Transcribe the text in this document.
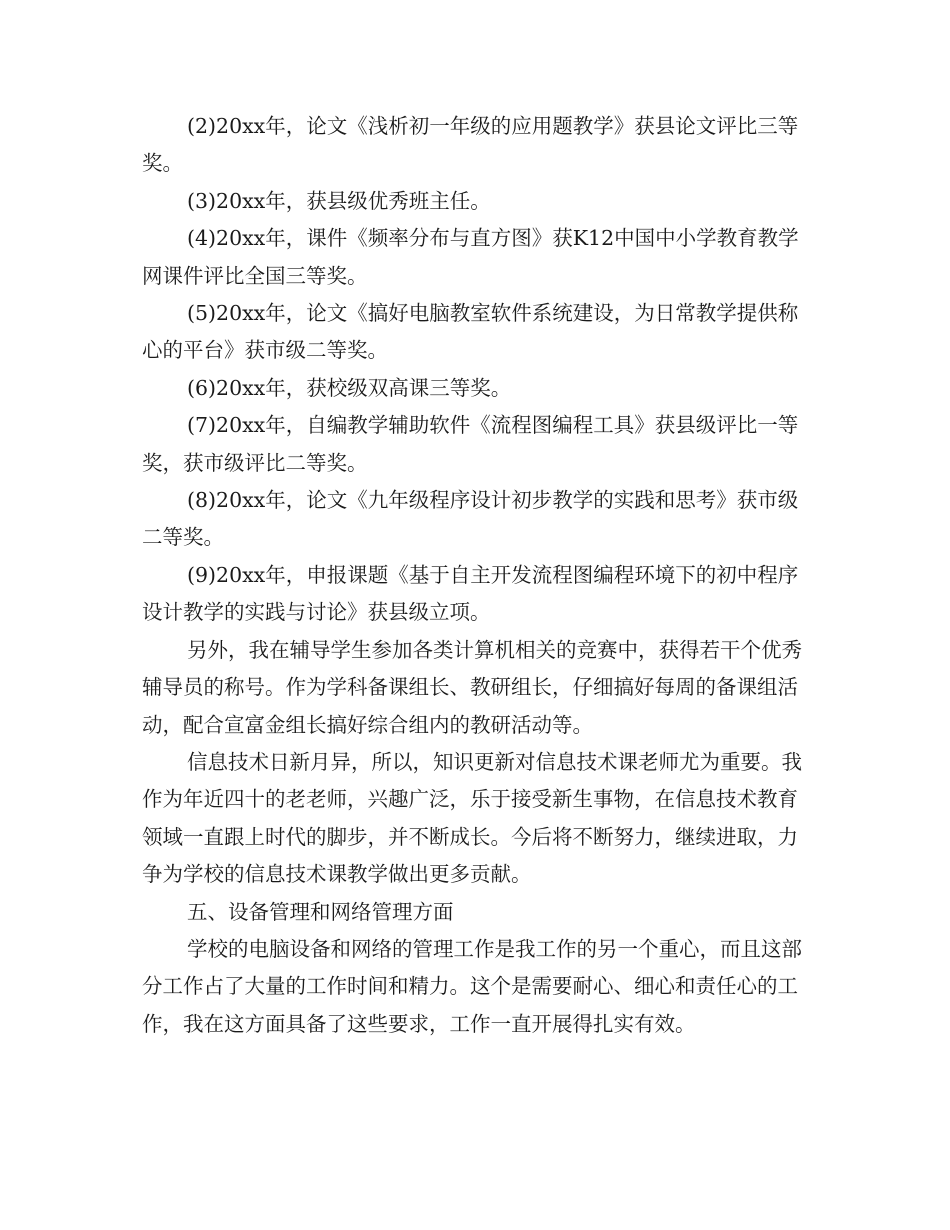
(2)20xx年，论文《浅析初一年级的应用题教学》获县论文评比三等奖。

(3)20xx年，获县级优秀班主任。

(4)20xx年，课件《频率分布与直方图》获K12中国中小学教育教学网课件评比全国三等奖。

(5)20xx年，论文《搞好电脑教室软件系统建设，为日常教学提供称心的平台》获市级二等奖。

(6)20xx年，获校级双高课三等奖。

(7)20xx年，自编教学辅助软件《流程图编程工具》获县级评比一等奖，获市级评比二等奖。

(8)20xx年，论文《九年级程序设计初步教学的实践和思考》获市级二等奖。

(9)20xx年，申报课题《基于自主开发流程图编程环境下的初中程序设计教学的实践与讨论》获县级立项。

另外，我在辅导学生参加各类计算机相关的竞赛中，获得若干个优秀辅导员的称号。作为学科备课组长、教研组长，仔细搞好每周的备课组活动，配合宣富金组长搞好综合组内的教研活动等。

信息技术日新月异，所以，知识更新对信息技术课老师尤为重要。我作为年近四十的老老师，兴趣广泛，乐于接受新生事物，在信息技术教育领域一直跟上时代的脚步，并不断成长。今后将不断努力，继续进取，力争为学校的信息技术课教学做出更多贡献。

五、设备管理和网络管理方面

学校的电脑设备和网络的管理工作是我工作的另一个重心，而且这部分工作占了大量的工作时间和精力。这个是需要耐心、细心和责任心的工作，我在这方面具备了这些要求，工作一直开展得扎实有效。
